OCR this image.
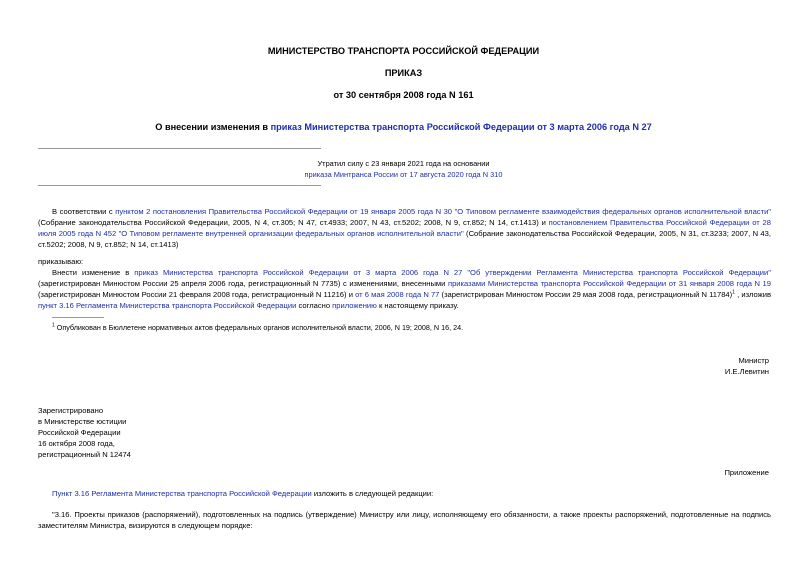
МИНИСТЕРСТВО ТРАНСПОРТА РОССИЙСКОЙ ФЕДЕРАЦИИ
ПРИКАЗ
от 30 сентября 2008 года N 161
О внесении изменения в приказ Министерства транспорта Российской Федерации от 3 марта 2006 года N 27
Утратил силу с 23 января 2021 года на основании
приказа Минтранса России от 17 августа 2020 года N 310
В соответствии с пунктом 2 постановления Правительства Российской Федерации от 19 января 2005 года N 30 "О Типовом регламенте взаимодействия федеральных органов исполнительной власти" (Собрание законодательства Российской Федерации, 2005, N 4, ст.305; N 47, ст.4933; 2007, N 43, ст.5202; 2008, N 9, ст.852; N 14, ст.1413) и постановлением Правительства Российской Федерации от 28 июля 2005 года N 452 "О Типовом регламенте внутренней организации федеральных органов исполнительной власти" (Собрание законодательства Российской Федерации, 2005, N 31, ст.3233; 2007, N 43, ст.5202; 2008, N 9, ст.852; N 14, ст.1413)
приказываю:
Внести изменение в приказ Министерства транспорта Российской Федерации от 3 марта 2006 года N 27 "Об утверждении Регламента Министерства транспорта Российской Федерации" (зарегистрирован Минюстом России 25 апреля 2006 года, регистрационный N 7735) с изменениями, внесенными приказами Министерства транспорта Российской Федерации от 31 января 2008 года N 19 (зарегистрирован Минюстом России 21 февраля 2008 года, регистрационный N 11216) и от 6 мая 2008 года N 77 (зарегистрирован Минюстом России 29 мая 2008 года, регистрационный N 11784)$^1$ , изложив пункт 3.16 Регламента Министерства транспорта Российской Федерации согласно приложению к настоящему приказу.
$^1$ Опубликован в Бюллетене нормативных актов федеральных органов исполнительной власти, 2006, N 19; 2008, N 16, 24.
Министр
И.Е.Левитин
Зарегистрировано
в Министерстве юстиции
Российской Федерации
16 октября 2008 года,
регистрационный N 12474
Приложение
Пункт 3.16 Регламента Министерства транспорта Российской Федерации изложить в следующей редакции:
"3.16. Проекты приказов (распоряжений), подготовленных на подпись (утверждение) Министру или лицу, исполняющему его обязанности, а также проекты распоряжений, подготовленные на подпись заместителям Министра, визируются в следующем порядке:
